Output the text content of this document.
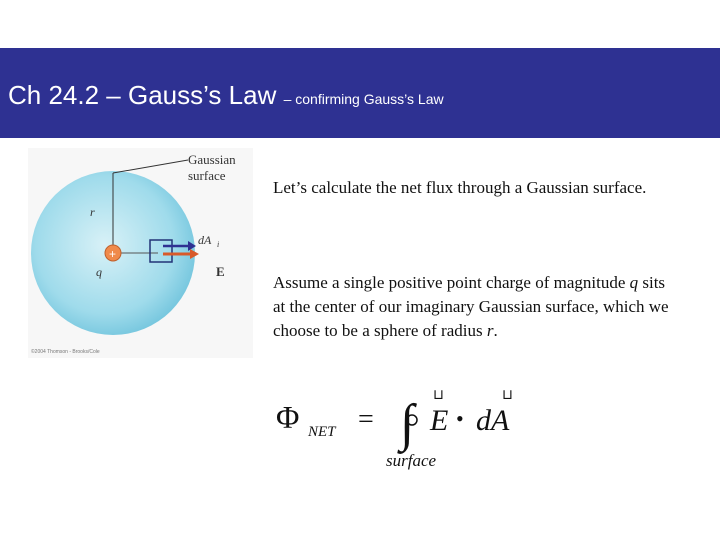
Ch 24.2 – Gauss’s Law – confirming Gauss’s Law
+
Gaussian
surface
r
q
dA i
E
©2004 Thomson - Brooks/Cole
Let’s calculate the net flux through a Gaussian surface.
Assume a single positive point charge of magnitude q sits at the center of our imaginary Gaussian surface, which we choose to be a sphere of radius r.
Φ NET = ∫ E
⊔
• dA
⊔
surface
